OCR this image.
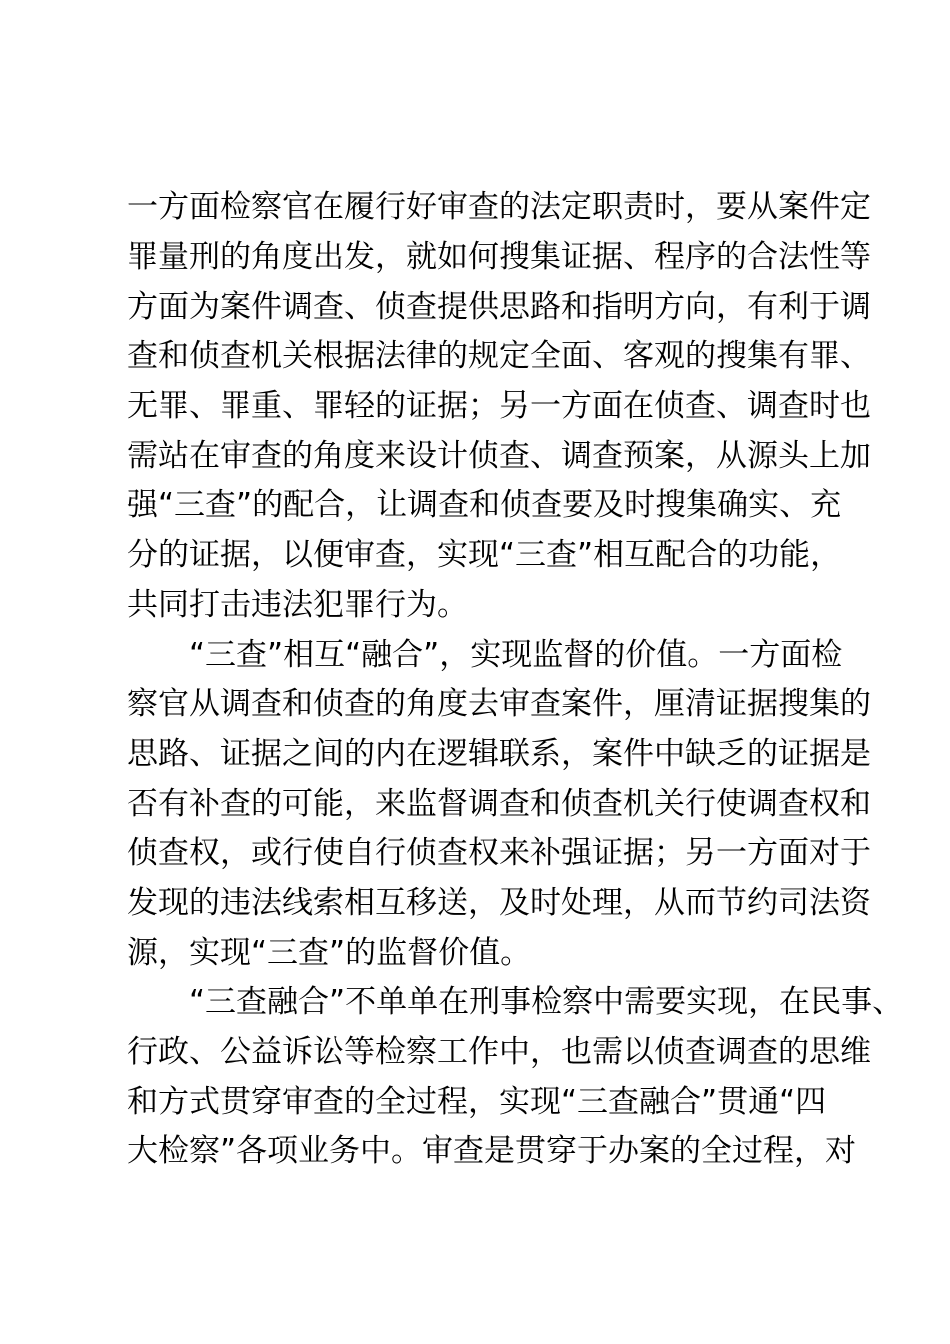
一方面检察官在履行好审查的法定职责时，要从案件定
罪量刑的角度出发，就如何搜集证据、程序的合法性等
方面为案件调查、侦查提供思路和指明方向，有利于调
查和侦查机关根据法律的规定全面、客观的搜集有罪、
无罪、罪重、罪轻的证据；另一方面在侦查、调查时也
需站在审查的角度来设计侦查、调查预案，从源头上加
强“三查”的配合，让调查和侦查要及时搜集确实、充
分的证据，以便审查，实现“三查”相互配合的功能，
共同打击违法犯罪行为。
　　“三查”相互“融合”，实现监督的价值。一方面检
察官从调查和侦查的角度去审查案件，厘清证据搜集的
思路、证据之间的内在逻辑联系，案件中缺乏的证据是
否有补查的可能，来监督调查和侦查机关行使调查权和
侦查权，或行使自行侦查权来补强证据；另一方面对于
发现的违法线索相互移送，及时处理，从而节约司法资
源，实现“三查”的监督价值。
　　“三查融合”不单单在刑事检察中需要实现，在民事、
行政、公益诉讼等检察工作中，也需以侦查调查的思维
和方式贯穿审查的全过程，实现“三查融合”贯通“四
大检察”各项业务中。审查是贯穿于办案的全过程，对
